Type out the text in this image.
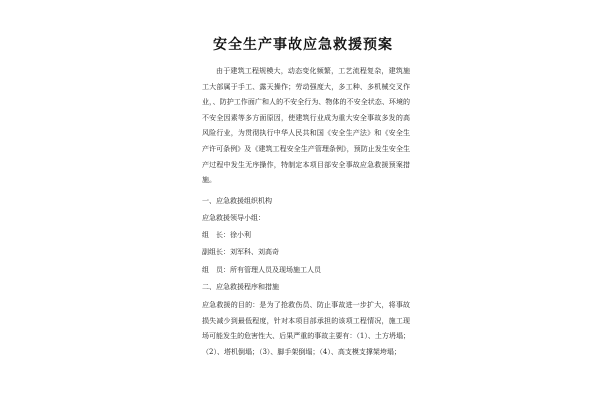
安全生产事故应急救援预案

由于建筑工程规模大，动态变化频繁，工艺流程复杂，建筑施工大部属于手工、露天操作；劳动强度大，多工种、多机械交叉作业，、防护工作面广和人的不安全行为、物体的不安全状态、环境的不安全因素等多方面原因，使建筑行业成为重大安全事故多发的高风险行业，为贯彻执行中华人民共和国《安全生产法》和《安全生产许可条例》及《建筑工程安全生产管理条例》，预防止发生安全生产过程中发生无序操作，特制定本项目部安全事故应急救援预案措施。

一、应急救援组织机构

应急救援领导小组：

组　长：徐小利

副组长：刘军科、刘高奇

组　员：所有管理人员及现场施工人员

二、应急救援程序和措施

应急救援的目的：是为了抢救伤员、防止事故进一步扩大，将事故损失减少到最低程度，针对本项目部承担的该项工程情况，施工现场可能发生的危害性大、后果严重的事故主要有：（1）、土方坍塌；（2）、塔机倒塌；（3）、脚手架倒塌；（4）、高支模支撑架垮塌；
